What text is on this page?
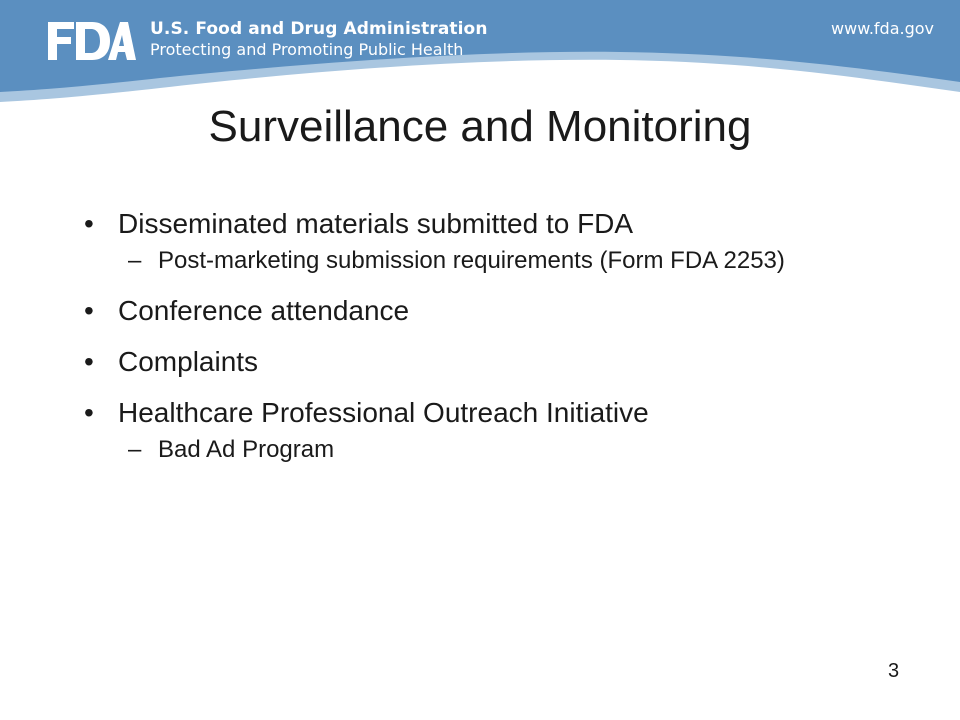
U.S. Food and Drug Administration
Protecting and Promoting Public Health
www.fda.gov
Surveillance and Monitoring
• Disseminated materials submitted to FDA
– Post-marketing submission requirements (Form FDA 2253)
• Conference attendance
• Complaints
• Healthcare Professional Outreach Initiative
– Bad Ad Program
3
